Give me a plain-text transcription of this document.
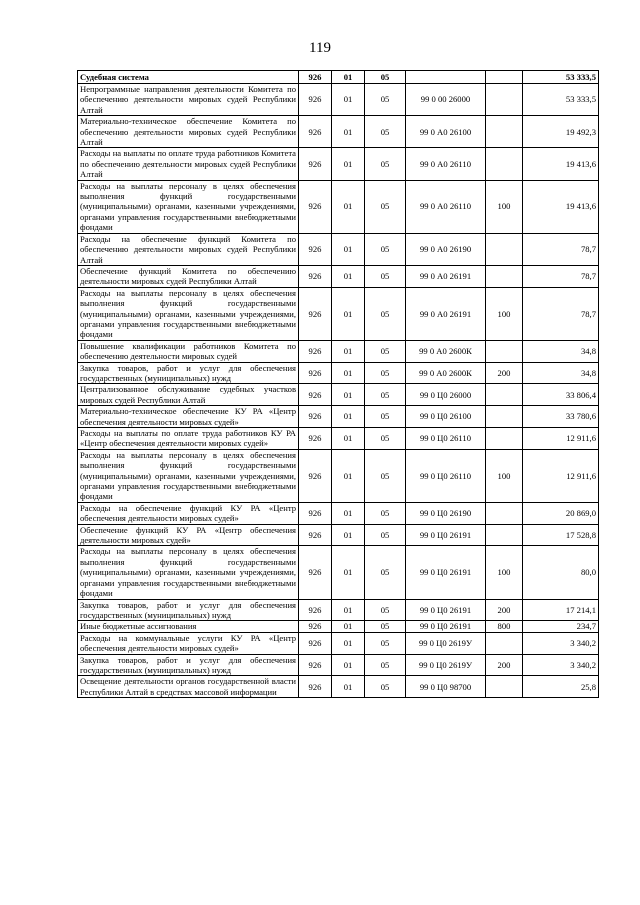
119
Судебная система	926	01	05			53 333,5
Непрограммные направления деятельности Комитета по обеспечению деятельности мировых судей Республики Алтай	926	01	05	99 0 00 26000		53 333,5
Материально-техническое обеспечение Комитета по обеспечению деятельности мировых судей Республики Алтай	926	01	05	99 0 А0 26100		19 492,3
Расходы на выплаты по оплате труда работников Комитета по обеспечению деятельности мировых судей Республики Алтай	926	01	05	99 0 А0 26110		19 413,6
Расходы на выплаты персоналу в целях обеспечения выполнения функций государственными (муниципальными) органами, казенными учреждениями, органами управления государственными внебюджетными фондами	926	01	05	99 0 А0 26110	100	19 413,6
Расходы на обеспечение функций Комитета по обеспечению деятельности мировых судей Республики Алтай	926	01	05	99 0 А0 26190		78,7
Обеспечение функций Комитета по обеспечению деятельности мировых судей Республики Алтай	926	01	05	99 0 А0 26191		78,7
Расходы на выплаты персоналу в целях обеспечения выполнения функций государственными (муниципальными) органами, казенными учреждениями, органами управления государственными внебюджетными фондами	926	01	05	99 0 А0 26191	100	78,7
Повышение квалификации работников Комитета по обеспечению деятельности мировых судей	926	01	05	99 0 А0 2600К		34,8
Закупка товаров, работ и услуг для обеспечения государственных (муниципальных) нужд	926	01	05	99 0 А0 2600К	200	34,8
Централизованное обслуживание судебных участков мировых судей Республики Алтай	926	01	05	99 0 Ц0 26000		33 806,4
Материально-техническое обеспечение КУ РА «Центр обеспечения деятельности мировых судей»	926	01	05	99 0 Ц0 26100		33 780,6
Расходы на выплаты по оплате труда работников КУ РА «Центр обеспечения деятельности мировых судей»	926	01	05	99 0 Ц0 26110		12 911,6
Расходы на выплаты персоналу в целях обеспечения выполнения функций государственными (муниципальными) органами, казенными учреждениями, органами управления государственными внебюджетными фондами	926	01	05	99 0 Ц0 26110	100	12 911,6
Расходы на обеспечение функций КУ РА «Центр обеспечения деятельности мировых судей»	926	01	05	99 0 Ц0 26190		20 869,0
Обеспечение функций КУ РА «Центр обеспечения деятельности мировых судей»	926	01	05	99 0 Ц0 26191		17 528,8
Расходы на выплаты персоналу в целях обеспечения выполнения функций государственными (муниципальными) органами, казенными учреждениями, органами управления государственными внебюджетными фондами	926	01	05	99 0 Ц0 26191	100	80,0
Закупка товаров, работ и услуг для обеспечения государственных (муниципальных) нужд	926	01	05	99 0 Ц0 26191	200	17 214,1
Иные бюджетные ассигнования	926	01	05	99 0 Ц0 26191	800	234,7
Расходы на коммунальные услуги КУ РА «Центр обеспечения деятельности мировых судей»	926	01	05	99 0 Ц0 2619У		3 340,2
Закупка товаров, работ и услуг для обеспечения государственных (муниципальных) нужд	926	01	05	99 0 Ц0 2619У	200	3 340,2
Освещение деятельности органов государственной власти Республики Алтай в средствах массовой информации	926	01	05	99 0 Ц0 98700		25,8
